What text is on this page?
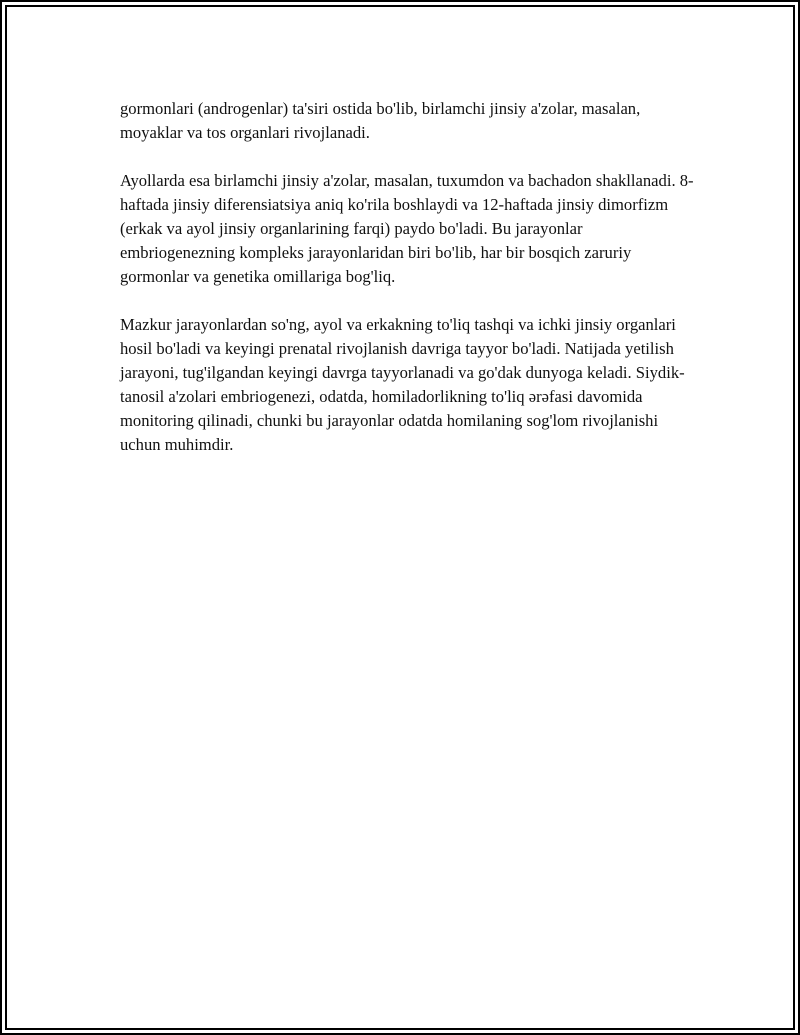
gormonlari (androgenlar) ta'siri ostida bo'lib, birlamchi jinsiy a'zolar, masalan, moyaklar va tos organlari rivojlanadi.

Ayollarda esa birlamchi jinsiy a'zolar, masalan, tuxumdon va bachadon shakllanadi. 8-haftada jinsiy diferensiatsiya aniq ko'rila boshlaydi va 12-haftada jinsiy dimorfizm (erkak va ayol jinsiy organlarining farqi) paydo bo'ladi. Bu jarayonlar embriogenezning kompleks jarayonlaridan biri bo'lib, har bir bosqich zaruriy gormonlar va genetika omillariga bog'liq.

Mazkur jarayonlardan so'ng, ayol va erkakning to'liq tashqi va ichki jinsiy organlari hosil bo'ladi va keyingi prenatal rivojlanish davriga tayyor bo'ladi. Natijada yetilish jarayoni, tug'ilgandan keyingi davrga tayyorlanadi va go'dak dunyoga keladi. Siydik-tanosil a'zolari embriogenezi, odatda, homiladorlikning to'liq ərəfasi davomida monitoring qilinadi, chunki bu jarayonlar odatda homilaning sog'lom rivojlanishi uchun muhimdir.
